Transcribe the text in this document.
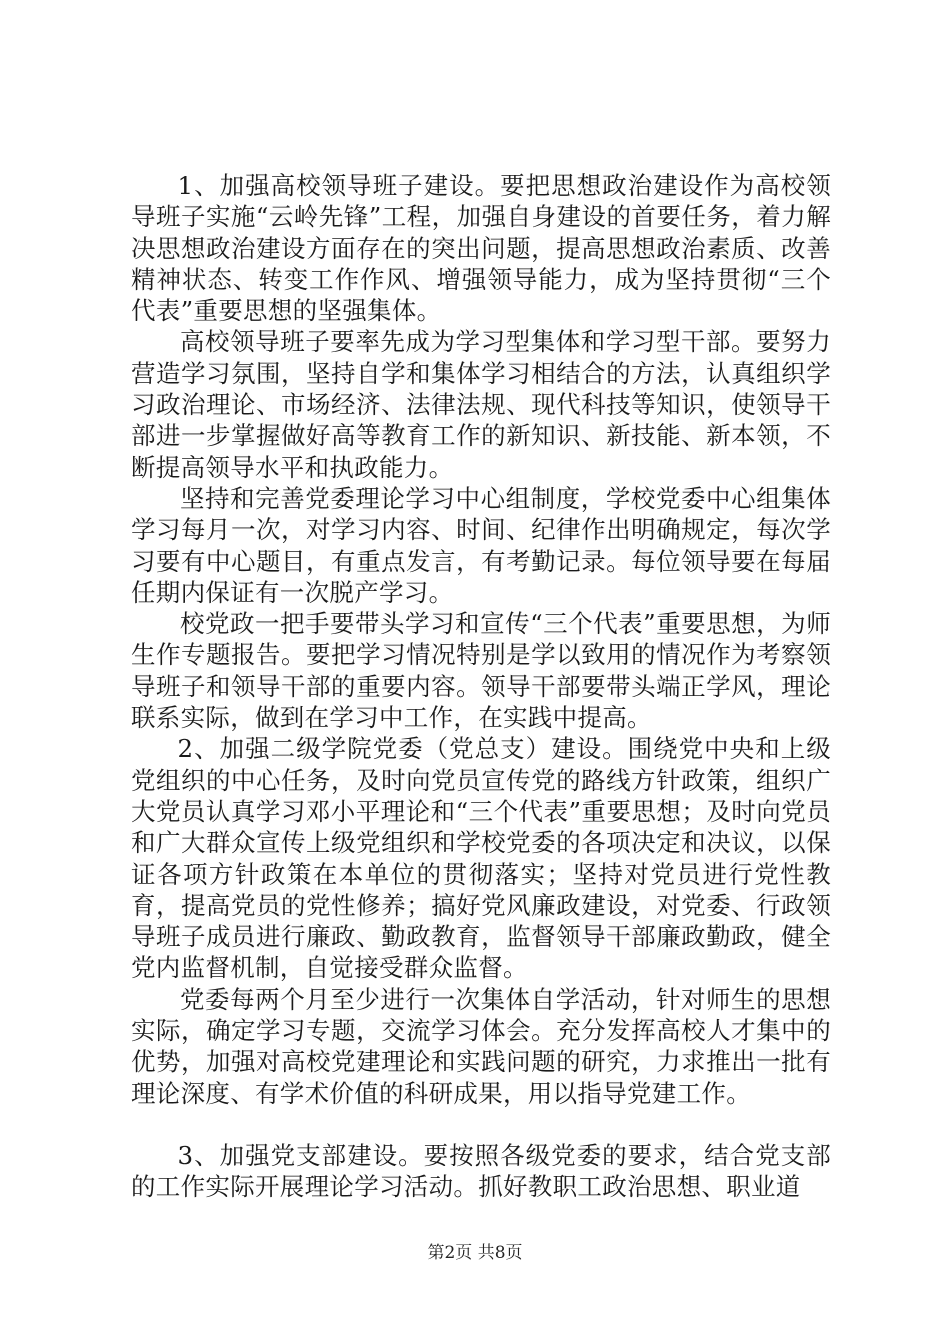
1、加强高校领导班子建设。要把思想政治建设作为高校领导班子实施“云岭先锋”工程，加强自身建设的首要任务，着力解决思想政治建设方面存在的突出问题，提高思想政治素质、改善精神状态、转变工作作风、增强领导能力，成为坚持贯彻“三个代表”重要思想的坚强集体。

高校领导班子要率先成为学习型集体和学习型干部。要努力营造学习氛围，坚持自学和集体学习相结合的方法，认真组织学习政治理论、市场经济、法律法规、现代科技等知识，使领导干部进一步掌握做好高等教育工作的新知识、新技能、新本领，不断提高领导水平和执政能力。

坚持和完善党委理论学习中心组制度，学校党委中心组集体学习每月一次，对学习内容、时间、纪律作出明确规定，每次学习要有中心题目，有重点发言，有考勤记录。每位领导要在每届任期内保证有一次脱产学习。

校党政一把手要带头学习和宣传“三个代表”重要思想，为师生作专题报告。要把学习情况特别是学以致用的情况作为考察领导班子和领导干部的重要内容。领导干部要带头端正学风，理论联系实际，做到在学习中工作，在实践中提高。

2、加强二级学院党委（党总支）建设。围绕党中央和上级党组织的中心任务，及时向党员宣传党的路线方针政策，组织广大党员认真学习邓小平理论和“三个代表”重要思想；及时向党员和广大群众宣传上级党组织和学校党委的各项决定和决议，以保证各项方针政策在本单位的贯彻落实；坚持对党员进行党性教育，提高党员的党性修养；搞好党风廉政建设，对党委、行政领导班子成员进行廉政、勤政教育，监督领导干部廉政勤政，健全党内监督机制，自觉接受群众监督。

党委每两个月至少进行一次集体自学活动，针对师生的思想实际，确定学习专题，交流学习体会。充分发挥高校人才集中的优势，加强对高校党建理论和实践问题的研究，力求推出一批有理论深度、有学术价值的科研成果，用以指导党建工作。

3、加强党支部建设。要按照各级党委的要求，结合党支部的工作实际开展理论学习活动。抓好教职工政治思想、职业道

第2页 共8页
